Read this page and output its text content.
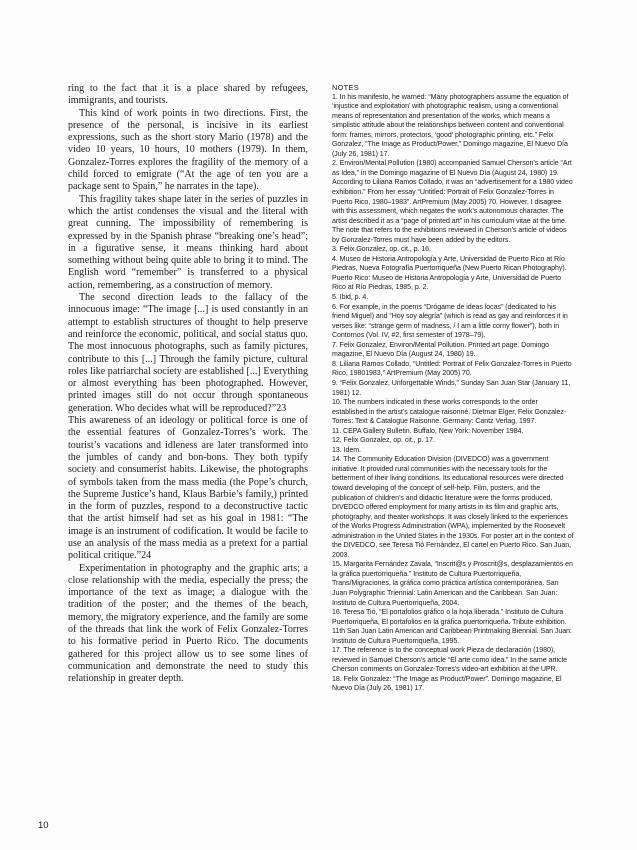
ring to the fact that it is a place shared by refugees, immigrants, and tourists.

This kind of work points in two directions. First, the presence of the personal, is incisive in its earliest expressions, such as the short story Mario (1978) and the video 10 years, 10 hours, 10 mothers (1979). In them, Gonzalez-Torres explores the fragility of the memory of a child forced to emigrate (“At the age of ten you are a package sent to Spain,” he narrates in the tape).

This fragility takes shape later in the series of puzzles in which the artist condenses the visual and the literal with great cunning. The impossibility of remembering is expressed by in the Spanish phrase “breaking one’s head”; in a figurative sense, it means thinking hard about something without being quite able to bring it to mind. The English word “remember” is transferred to a physical action, remembering, as a construction of memory.

The second direction leads to the fallacy of the innocuous image: “The image [...] is used constantly in an attempt to establish structures of thought to help preserve and reinforce the economic, political, and social status quo. The most innocuous photographs, such as family pictures, contribute to this [...] Through the family picture, cultural roles like patriarchal society are established [...] Everything or almost everything has been photographed. However, printed images still do not occur through spontaneous generation. Who decides what will be reproduced?”23

This awareness of an ideology or political force is one of the essential features of Gonzalez-Torres’s work. The tourist’s vacations and idleness are later transformed into the jumbles of candy and bon-bons. They both typify society and consumerist habits. Likewise, the photographs of symbols taken from the mass media (the Pope’s church, the Supreme Justice’s hand, Klaus Barbie’s family,) printed in the form of puzzles, respond to a deconstructive tactic that the artist himself had set as his goal in 1981: “The image is an instrument of codification. It would be facile to use an analysis of the mass media as a pretext for a partial political critique.”24

Experimentation in photography and the graphic arts; a close relationship with the media, especially the press; the importance of the text as image; a dialogue with the tradition of the poster; and the themes of the beach, memory, the migratory experience, and the family are some of the threads that link the work of Felix Gonzalez-Torres to his formative period in Puerto Rico. The documents gathered for this project allow us to see some lines of communication and demonstrate the need to study this relationship in greater depth.

NOTES

1. In his manifesto, he warned: “Many photographers assume the equation of ‘injustice and exploitation’ with photographic realism, using a conventional means of representation and presentation of the works, which means a simplistic attitude about the relationships between content and conventional form: frames, mirrors, protectors, ‘good’ photographic printing, etc.” Felix Gonzalez, “The Image as Product/Power,” Domingo magazine, El Nuevo Día (July 26, 1981) 17.

2. Environ/Mental Pollution (1980) accompanied Samuel Cherson’s article “Art as Idea,” in the Domingo magazine of El Nuevo Día (August 24, 1980) 19. According to Liliana Ramos Collado, it was an “advertisement for a 1980 video exhibition.” From her essay “Untitled: Portrait of Felix Gonzalez-Torres in Puerto Rico, 1980–1983”. ArtPremium (May 2005) 70. However, I disagree with this assessment, which negates the work’s autonomous character. The artist described it as a “page of printed art” in his curriculum vitae at the time. The note that refers to the exhibitions reviewed in Cherson’s article of videos by Gonzalez-Torres must have been added by the editors.

3. Felix Gonzalez, op. cit., p. 16.

4. Museo de Historia Antropología y Arte, Universidad de Puerto Rico at Río Piedras, Nueva Fotografía Puertorriqueña (New Puerto Rican Photography). Puerto Rico: Museo de Historia Antropología y Arte, Universidad de Puerto Rico at Río Piedras, 1985, p. 2.

5. Ibid, p. 4.

6. For example, in the poems “Drógame de ideas locas” (dedicated to his friend Miguel) and “Hoy soy alegría” (which is read as gay and reinforces it in verses like: “strange germ of madness, / I am a little corny flower”), both in Contornos (Vol. IV, #2, first semester of 1978–79).

7. Felix Gonzalez, Environ/Mental Pollution. Printed art page. Domingo magazine, El Nuevo Día (August 24, 1980) 19.

8. Liliana Ramos Collado, “Untitled: Portrait of Felix Gonzalez-Torres in Puerto Rico, 19801983,” ArtPremium (May 2005) 70.

9. “Felix Gonzalez, Unforgettable Winds,” Sunday San Juan Star (January 11, 1981) 12.

10. The numbers indicated in these works corresponds to the order established in the artist’s catalogue raisonné. Dietmar Elger, Felix Gonzalez-Torres: Text & Catalogue Raisonne. Germany: Cantz Verlag, 1997.

11. CEPA Gallery Bulletin. Buffalo, New York: November 1984.

12. Felix Gonzalez, op. cit., p. 17.

13. Idem.

14. The Community Education Division (DIVEDCO) was a government initiative. It provided rural communities with the necessary tools for the betterment of their living conditions. Its educational resources were directed toward developing of the concept of self-help. Film, posters, and the publication of children’s and didactic literature were the forms produced. DIVEDCO offered employment for many artists in its film and graphic arts, photography, and theater workshops. It was closely linked to the experiences of the Works Progress Administration (WPA), implemented by the Roosevelt administration in the United States in the 1930s. For poster art in the context of the DIVEDCO, see Teresa Tió Fernández, El cartel en Puerto Rico. San Juan, 2003.

15. Margarita Fernández Zavala, “Inscrit@s y Proscrit@s, desplazamientos en la gráfica puertorriqueña.” Instituto de Cultura Puertorriqueña, Trans/Migraciones, la gráfica como práctica artística contemporánea. San Juan Polygraphic Triennial: Latin American and the Caribbean. San Juan: Instituto de Cultura Puertorriqueña, 2004.

16. Teresa Tió, “El portafolios gráfico o la hoja liberada.” Instituto de Cultura Puertorriqueña, El portafolios en la gráfica puertorriqueña. Tribute exhibition. 11th San Juan Latin American and Caribbean Printmaking Biennial. San Juan: Instituto de Cultura Puertorriqueña, 1995.

17. The reference is to the conceptual work Pieza de declaración (1980), reviewed in Samuel Cherson’s article “El arte como idea.” In the same article Cherson comments on Gonzalez-Torres’s video-art exhibition at the UPR.

18. Felix Gonzalez: “The Image as Product/Power”. Domingo magazine, El Nuevo Día (July 26, 1981) 17.

10
